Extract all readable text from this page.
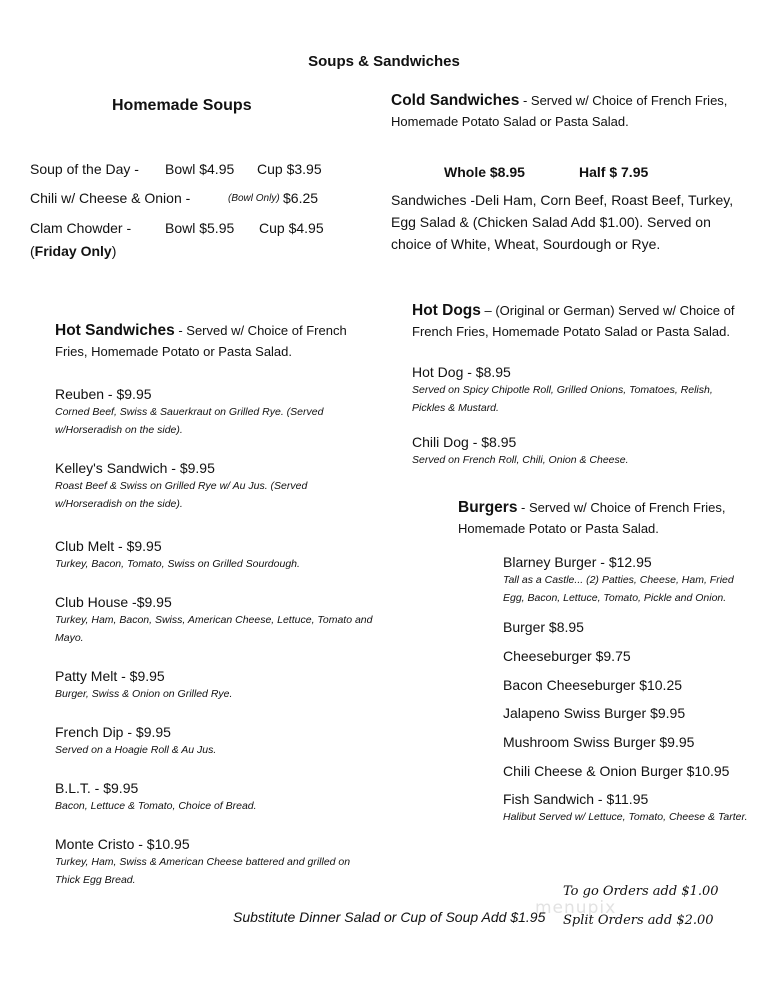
Soups & Sandwiches
Homemade Soups
Soup of the Day - Bowl $4.95 Cup $3.95
Chili w/ Cheese & Onion -	(Bowl Only) $6.25
Clam Chowder - Bowl $5.95 Cup $4.95
(Friday Only)
Cold Sandwiches - Served w/ Choice of French Fries, Homemade Potato Salad or Pasta Salad.
Whole $8.95	Half $ 7.95
Sandwiches -Deli Ham, Corn Beef, Roast Beef, Turkey, Egg Salad & (Chicken Salad Add $1.00). Served on choice of White, Wheat, Sourdough or Rye.
Hot Dogs – (Original or German) Served w/ Choice of French Fries, Homemade Potato Salad or Pasta Salad.
Hot Dog - $8.95
Served on Spicy Chipotle Roll, Grilled Onions, Tomatoes, Relish, Pickles & Mustard.
Chili Dog - $8.95
Served on French Roll, Chili, Onion & Cheese.
Hot Sandwiches - Served w/ Choice of French Fries, Homemade Potato or Pasta Salad.
Reuben - $9.95
Corned Beef, Swiss & Sauerkraut on Grilled Rye. (Served w/Horseradish on the side).
Kelley's Sandwich - $9.95
Roast Beef & Swiss on Grilled Rye w/ Au Jus. (Served w/Horseradish on the side).
Club Melt - $9.95
Turkey, Bacon, Tomato, Swiss on Grilled Sourdough.
Club House -$9.95
Turkey, Ham, Bacon, Swiss, American Cheese, Lettuce, Tomato and Mayo.
Patty Melt - $9.95
Burger, Swiss & Onion on Grilled Rye.
French Dip - $9.95
Served on a Hoagie Roll & Au Jus.
B.L.T. - $9.95
Bacon, Lettuce & Tomato, Choice of Bread.
Monte Cristo - $10.95
Turkey, Ham, Swiss & American Cheese battered and grilled on Thick Egg Bread.
Burgers - Served w/ Choice of French Fries, Homemade Potato or Pasta Salad.
Blarney Burger - $12.95
Tall as a Castle... (2) Patties, Cheese, Ham, Fried Egg, Bacon, Lettuce, Tomato, Pickle and Onion.
Burger $8.95
Cheeseburger $9.75
Bacon Cheeseburger $10.25
Jalapeno Swiss Burger $9.95
Mushroom Swiss Burger $9.95
Chili Cheese & Onion Burger $10.95
Fish Sandwich - $11.95
Halibut Served w/ Lettuce, Tomato, Cheese & Tarter.
menupix
To go Orders add $1.00
Split Orders add $2.00
Substitute Dinner Salad or Cup of Soup Add $1.95
